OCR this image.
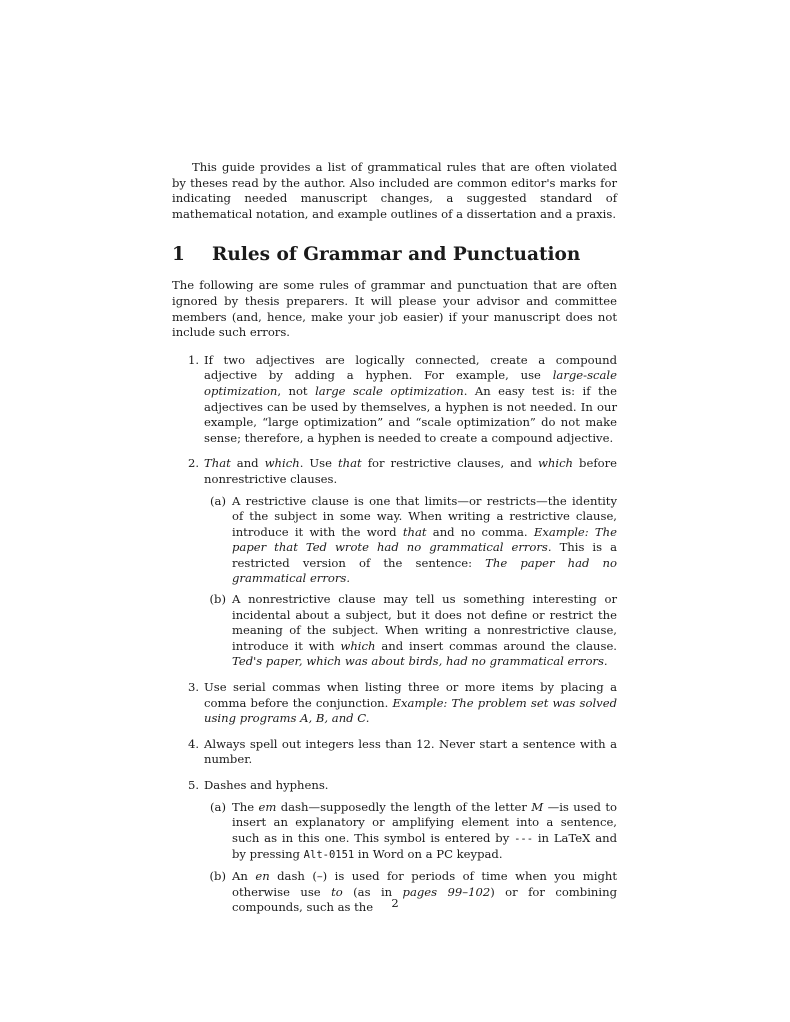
This guide provides a list of grammatical rules that are often violated by theses read by the author. Also included are common editor's marks for indicating needed manuscript changes, a suggested standard of mathematical notation, and example outlines of a dissertation and a praxis.

1	Rules of Grammar and Punctuation

The following are some rules of grammar and punctuation that are often ignored by thesis preparers. It will please your advisor and committee members (and, hence, make your job easier) if your manuscript does not include such errors.

1. If two adjectives are logically connected, create a compound adjective by adding a hyphen. For example, use large-scale optimization, not large scale optimization. An easy test is: if the adjectives can be used by themselves, a hyphen is not needed. In our example, “large optimization” and “scale optimization” do not make sense; therefore, a hyphen is needed to create a compound adjective.

2. That and which. Use that for restrictive clauses, and which before nonrestrictive clauses.

(a) A restrictive clause is one that limits—or restricts—the identity of the subject in some way. When writing a restrictive clause, introduce it with the word that and no comma. Example: The paper that Ted wrote had no grammatical errors. This is a restricted version of the sentence: The paper had no grammatical errors.

(b) A nonrestrictive clause may tell us something interesting or incidental about a subject, but it does not define or restrict the meaning of the subject. When writing a nonrestrictive clause, introduce it with which and insert commas around the clause. Ted's paper, which was about birds, had no grammatical errors.

3. Use serial commas when listing three or more items by placing a comma before the conjunction. Example: The problem set was solved using programs A, B, and C.

4. Always spell out integers less than 12. Never start a sentence with a number.

5. Dashes and hyphens.

(a) The em dash—supposedly the length of the letter M —is used to insert an explanatory or amplifying element into a sentence, such as in this one. This symbol is entered by --- in LaTeX and by pressing Alt-0151 in Word on a PC keypad.

(b) An en dash (–) is used for periods of time when you might otherwise use to (as in pages 99–102) or for combining compounds, such as the	2
